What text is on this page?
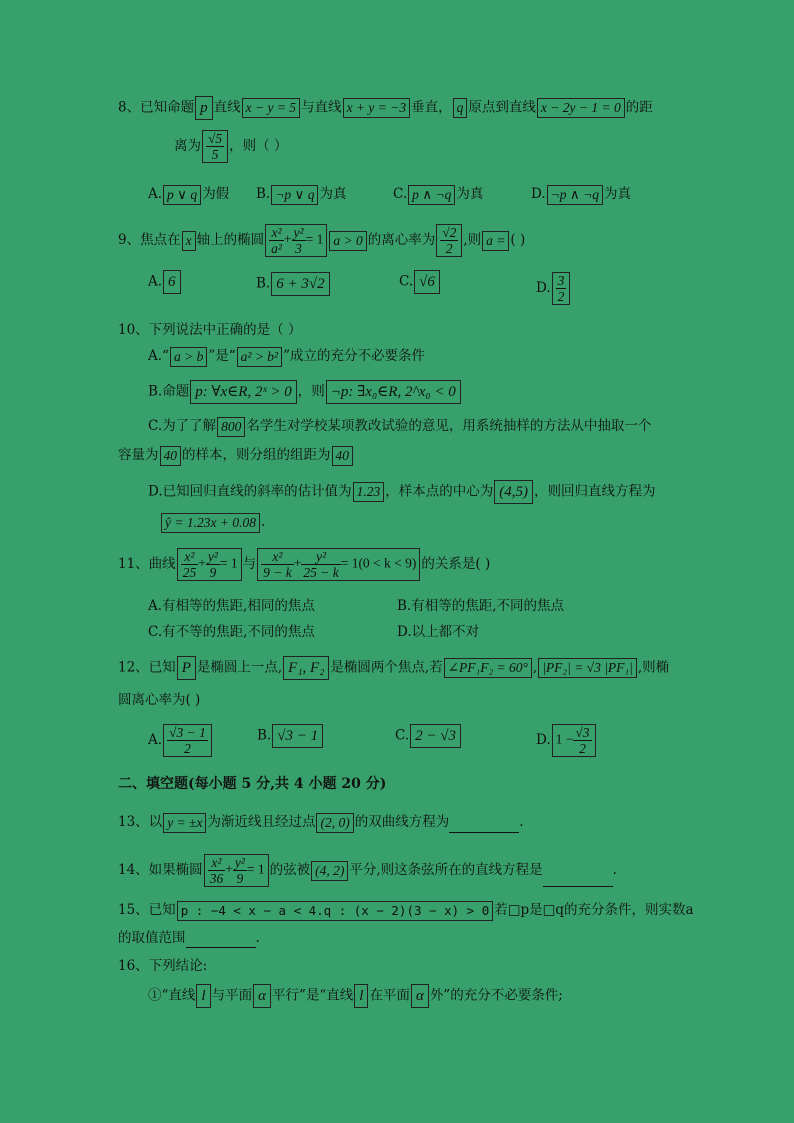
8、已知命题 p 直线 x − y = 5 与直线 x + y = −3 垂直， q 原点到直线 x − 2y − 1 = 0 的距
离为 $\frac{√5}{5}$ ，则（ ）
A. p ∨ q 为假 B. ¬p ∨ q 为真	C. p ∧ ¬q 为真	D. ¬p ∧ ¬q 为真
9、焦点在 x 轴上的椭圆 $\frac{\text{x²}}{\text{a²}} + \frac{\text{y²}}{3} = 1$ a > 0 的离心率为 $\frac{√2}{2}$ ,则 a = ( )
A. 6	B. 6 + 3√2	C. √6	D. $\frac{3}{2}$
10、下列说法中正确的是（ ）
A.“ a > b ”是“ a² > b² ”成立的充分不必要条件
B.命题 p: ∀x∈R, 2ˣ > 0 ，则 ¬p: ∃x₀∈R, 2^x₀ < 0
C.为了了解 800 名学生对学校某项教改试验的意见，用系统抽样的方法从中抽取一个
容量为 40 的样本，则分组的组距为 40
D.已知回归直线的斜率的估计值为 1.23 ，样本点的中心为 (4,5) ，则回归直线方程为
ŷ = 1.23x + 0.08 .
11、曲线 $\frac{\text{x²}}{25} + \frac{\text{y²}}{9} = 1$ 与 $\frac{\text{x²}}{9 - k} + \frac{\text{y²}}{25 - k} = 1(0 < k < 9)$ 的关系是( )
A.有相等的焦距,相同的焦点	B.有相等的焦距,不同的焦点
C.有不等的焦距,不同的焦点	D.以上都不对
12、已知 P 是椭圆上一点, F₁, F₂ 是椭圆两个焦点,若 ∠PF₁F₂ = 60° , |PF₂| = √3 |PF₁| ,则椭
圆离心率为( )
A. $\frac{√3 - 1}{2}$	B. √3 − 1	C. 2 − √3	D. $1 - \frac{√3}{2}$
二、填空题(每小题 5 分,共 4 小题 20 分)
13、以 y = ±x 为渐近线且经过点 (2, 0) 的双曲线方程为	.
14、如果椭圆 $\frac{\text{x²}}{36} + \frac{\text{y²}}{9} = 1$ 的弦被 (4, 2) 平分,则这条弦所在的直线方程是	.
15、已知 p : −4 < x − a < 4.q : (x − 2)(3 − x) > 0 若□p是□q的充分条件，则实数a
的取值范围	.
16、下列结论:
①“直线 l 与平面 α 平行”是“直线 l 在平面 α 外”的充分不必要条件;
